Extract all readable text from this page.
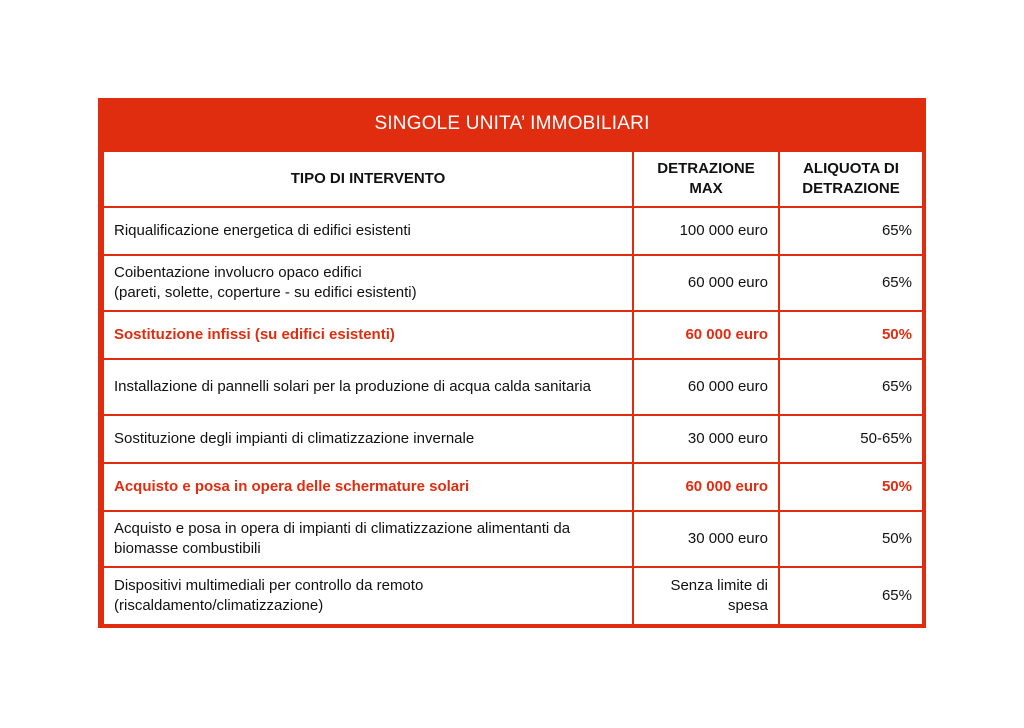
SINGOLE UNITA’ IMMOBILIARI
TIPO DI INTERVENTO	DETRAZIONE MAX	ALIQUOTA DI DETRAZIONE
Riqualificazione energetica di edifici esistenti	100 000 euro	65%

Coibentazione involucro opaco edifici
(pareti, solette, coperture - su edifici esistenti)	60 000 euro	65%
Sostituzione infissi (su edifici esistenti)	60 000 euro	50%
Installazione di pannelli solari per la produzione di acqua calda sanitaria	60 000 euro	65%
Sostituzione degli impianti di climatizzazione invernale	30 000 euro	50-65%
Acquisto e posa in opera delle schermature solari	60 000 euro	50%
Acquisto e posa in opera di impianti di climatizzazione alimentanti da biomasse combustibili	30 000 euro	50%

Dispositivi multimediali per controllo da remoto
(riscaldamento/climatizzazione)	Senza limite di spesa	65%
